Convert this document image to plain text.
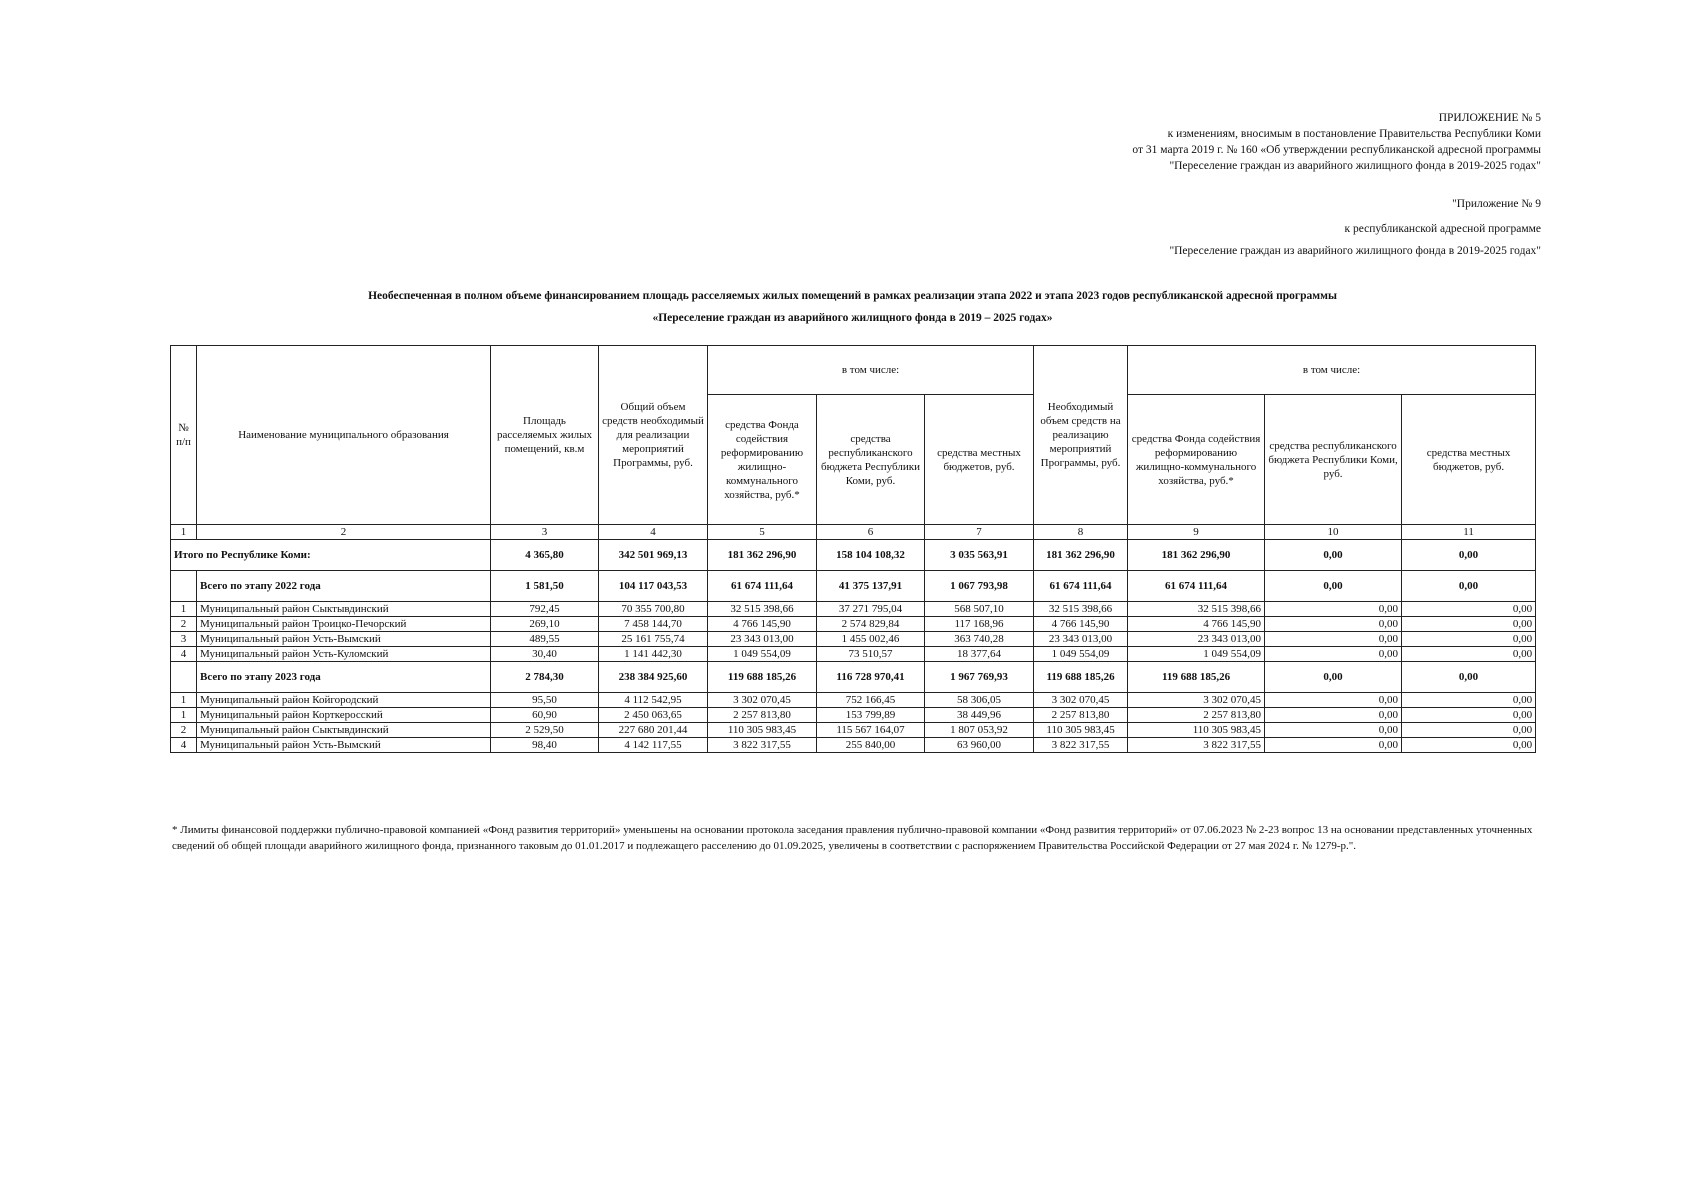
ПРИЛОЖЕНИЕ № 5
к изменениям, вносимым в постановление Правительства Республики Коми
от 31 марта 2019 г. № 160 «Об утверждении республиканской адресной программы
"Переселение граждан из аварийного жилищного фонда в 2019-2025 годах"
"Приложение № 9
к республиканской адресной программе
"Переселение граждан из аварийного жилищного фонда в 2019-2025 годах"
Необеспеченная в полном объеме финансированием площадь расселяемых жилых помещений в рамках реализации этапа 2022 и этапа 2023 годов республиканской адресной программы
«Переселение граждан из аварийного жилищного фонда в 2019 – 2025 годах»
№ п/п	Наименование муниципального образования	Площадь расселяемых жилых помещений, кв.м	Общий объем средств необходимый для реализации мероприятий Программы, руб.	в том числе:			Необходимый объем средств на реализацию мероприятий Программы, руб.	в том числе:		
				средства Фонда содействия реформированию жилищно-коммунального хозяйства, руб.*	средства республиканского бюджета Республики Коми, руб.	средства местных бюджетов, руб.		средства Фонда содействия реформированию жилищно-коммунального хозяйства, руб.*	средства республиканского бюджета Республики Коми, руб.	средства местных бюджетов, руб.
1	2	3	4	5	6	7	8	9	10	11
Итого по Республике Коми:		4 365,80	342 501 969,13	181 362 296,90	158 104 108,32	3 035 563,91	181 362 296,90	181 362 296,90	0,00	0,00
	Всего по этапу 2022 года	1 581,50	104 117 043,53	61 674 111,64	41 375 137,91	1 067 793,98	61 674 111,64	61 674 111,64	0,00	0,00
1	Муниципальный район Сыктывдинский	792,45	70 355 700,80	32 515 398,66	37 271 795,04	568 507,10	32 515 398,66	32 515 398,66	0,00	0,00
2	Муниципальный район Троицко-Печорский	269,10	7 458 144,70	4 766 145,90	2 574 829,84	117 168,96	4 766 145,90	4 766 145,90	0,00	0,00
3	Муниципальный район Усть-Вымский	489,55	25 161 755,74	23 343 013,00	1 455 002,46	363 740,28	23 343 013,00	23 343 013,00	0,00	0,00
4	Муниципальный район Усть-Куломский	30,40	1 141 442,30	1 049 554,09	73 510,57	18 377,64	1 049 554,09	1 049 554,09	0,00	0,00
	Всего по этапу 2023 года	2 784,30	238 384 925,60	119 688 185,26	116 728 970,41	1 967 769,93	119 688 185,26	119 688 185,26	0,00	0,00
1	Муниципальный район Койгородский	95,50	4 112 542,95	3 302 070,45	752 166,45	58 306,05	3 302 070,45	3 302 070,45	0,00	0,00
1	Муниципальный район Корткеросский	60,90	2 450 063,65	2 257 813,80	153 799,89	38 449,96	2 257 813,80	2 257 813,80	0,00	0,00
2	Муниципальный район Сыктывдинский	2 529,50	227 680 201,44	110 305 983,45	115 567 164,07	1 807 053,92	110 305 983,45	110 305 983,45	0,00	0,00
4	Муниципальный район Усть-Вымский	98,40	4 142 117,55	3 822 317,55	255 840,00	63 960,00	3 822 317,55	3 822 317,55	0,00	0,00
* Лимиты финансовой поддержки публично-правовой компанией «Фонд развития территорий» уменьшены на основании протокола заседания правления публично-правовой компании «Фонд развития территорий» от 07.06.2023 № 2-23 вопрос 13 на основании представленных уточненных сведений об общей площади аварийного жилищного фонда, признанного таковым до 01.01.2017 и подлежащего расселению до 01.09.2025, увеличены в соответствии с распоряжением Правительства Российской Федерации от 27 мая 2024 г. № 1279-р.".
